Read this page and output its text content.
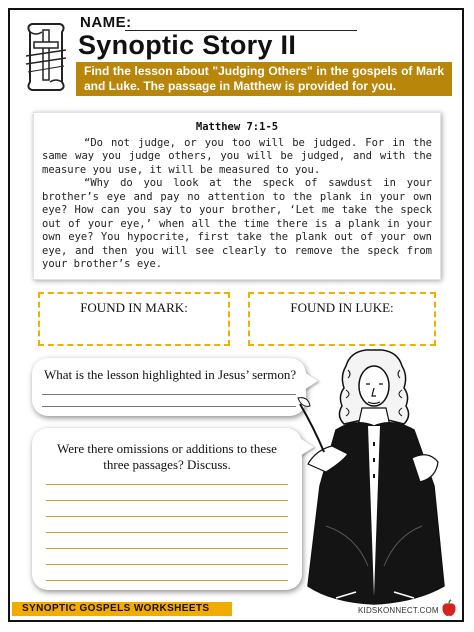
NAME:
Synoptic Story II
Find the lesson about "Judging Others" in the gospels of Mark and Luke. The passage in Matthew is provided for you.
Matthew 7:1-5

“Do not judge, or you too will be judged. For in the same way you judge others, you will be judged, and with the measure you use, it will be measured to you.

“Why do you look at the speck of sawdust in your brother’s eye and pay no attention to the plank in your own eye? How can you say to your brother, ‘Let me take the speck out of your eye,’ when all the time there is a plank in your own eye? You hypocrite, first take the plank out of your own eye, and then you will see clearly to remove the speck from your brother’s eye.

FOUND IN MARK:	FOUND IN LUKE:
What is the lesson highlighted in Jesus’ sermon?
Were there omissions or additions to these
three passages? Discuss.
SYNOPTIC GOSPELS WORKSHEETS	KIDSKONNECT.COM
